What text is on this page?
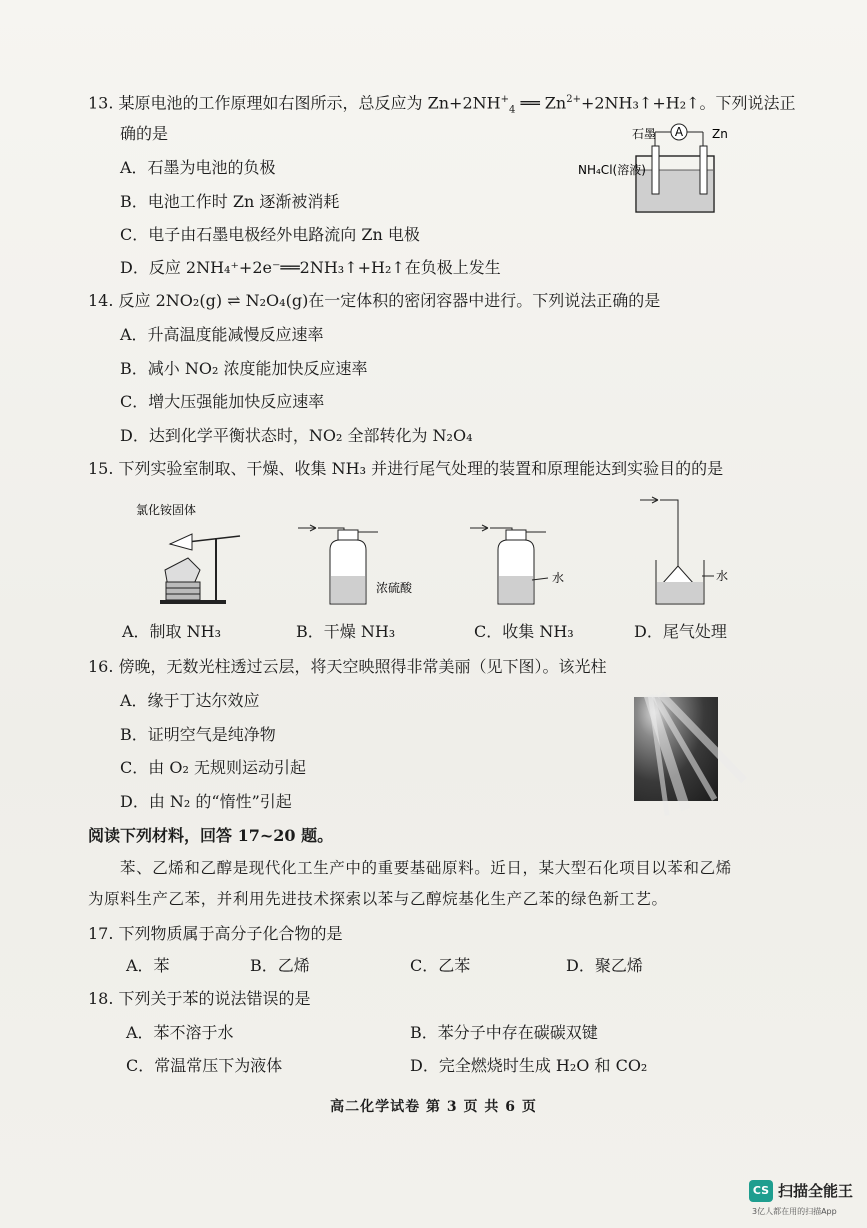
13. 某原电池的工作原理如右图所示，总反应为 $Zn+2NH^+_4$ ══ $Zn^{2+}+2NH_3↑+H_2↑$。下列说法正
确的是
A．石墨为电池的负极
B．电池工作时 Zn 逐渐被消耗
C．电子由石墨电极经外电路流向 Zn 电极
D．反应 2NH₄⁺+2e⁻══2NH₃↑+H₂↑在负极上发生
A
石墨	Zn
NH₄Cl(溶液)
14. 反应 2NO₂(g) ⇌ N₂O₄(g)在一定体积的密闭容器中进行。下列说法正确的是
A．升高温度能减慢反应速率
B．减小 NO₂ 浓度能加快反应速率
C．增大压强能加快反应速率
D．达到化学平衡状态时，NO₂ 全部转化为 N₂O₄
15. 下列实验室制取、干燥、收集 NH₃ 并进行尾气处理的装置和原理能达到实验目的的是
氯化铵固体
浓硫酸
水	水
A．制取 NH₃	B．干燥 NH₃	C．收集 NH₃	D．尾气处理
16. 傍晚，无数光柱透过云层，将天空映照得非常美丽（见下图）。该光柱
A．缘于丁达尔效应
B．证明空气是纯净物
C．由 O₂ 无规则运动引起
D．由 N₂ 的“惰性”引起
阅读下列材料，回答 17~20 题。
苯、乙烯和乙醇是现代化工生产中的重要基础原料。近日，某大型石化项目以苯和乙烯
为原料生产乙苯，并利用先进技术探索以苯与乙醇烷基化生产乙苯的绿色新工艺。
17. 下列物质属于高分子化合物的是
A．苯	B．乙烯	C．乙苯	D．聚乙烯
18. 下列关于苯的说法错误的是
A．苯不溶于水	B．苯分子中存在碳碳双键
C．常温常压下为液体	D．完全燃烧时生成 H₂O 和 CO₂
高二化学试卷 第 3 页 共 6 页
CS 扫描全能王
3亿人都在用的扫描App
